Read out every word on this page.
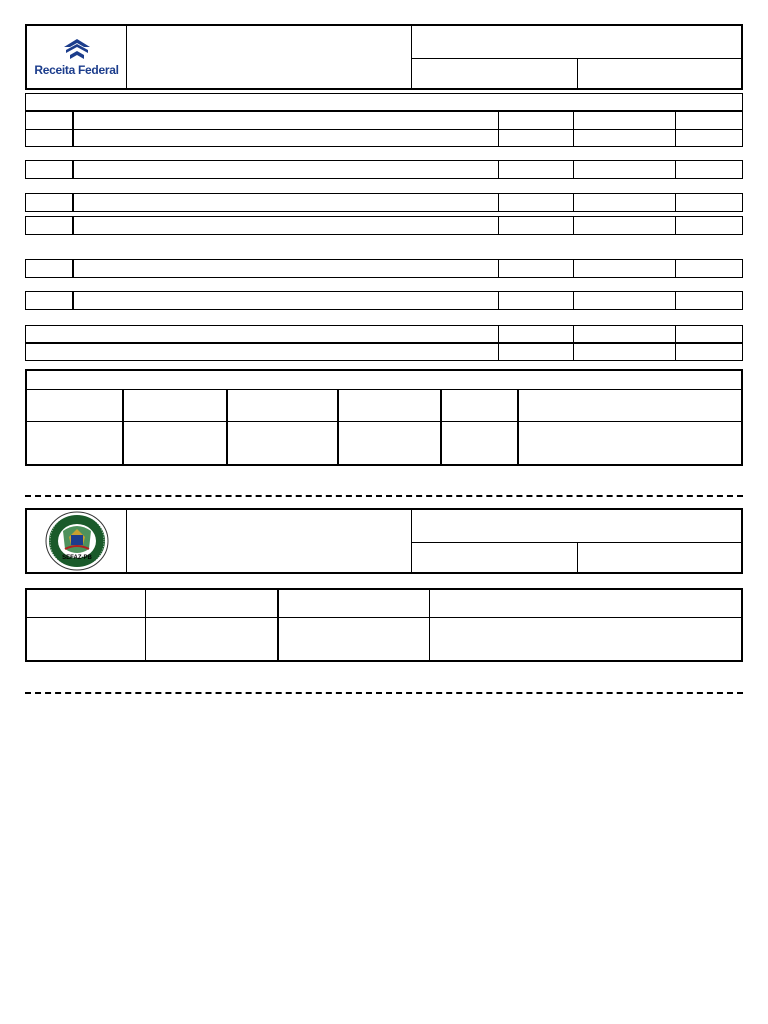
Receita Federal
SEFAZ-PB
